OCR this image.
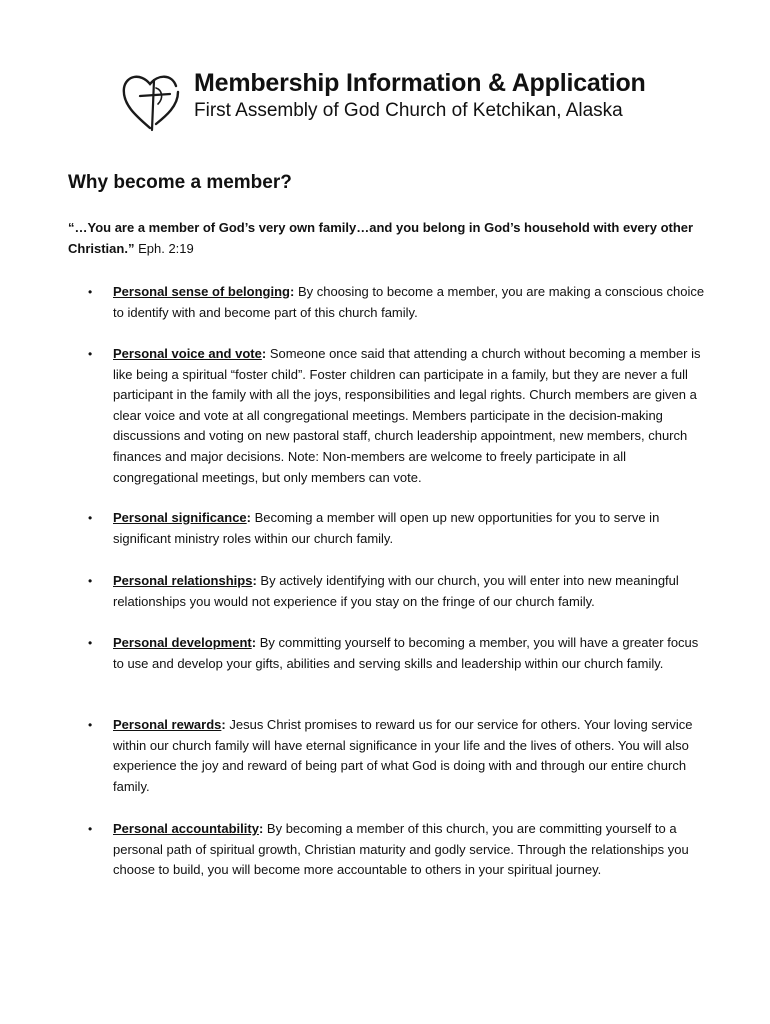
Membership Information & Application
First Assembly of God Church of Ketchikan, Alaska
Why become a member?

“…You are a member of God’s very own family…and you belong in God’s household with every other Christian.” Eph. 2:19

• Personal sense of belonging: By choosing to become a member, you are making a conscious choice to identify with and become part of this church family.
• Personal voice and vote: Someone once said that attending a church without becoming a member is like being a spiritual “foster child”. Foster children can participate in a family, but they are never a full participant in the family with all the joys, responsibilities and legal rights. Church members are given a clear voice and vote at all congregational meetings. Members participate in the decision-making discussions and voting on new pastoral staff, church leadership appointment, new members, church finances and major decisions. Note: Non-members are welcome to freely participate in all congregational meetings, but only members can vote.
• Personal significance: Becoming a member will open up new opportunities for you to serve in significant ministry roles within our church family.
• Personal relationships: By actively identifying with our church, you will enter into new meaningful relationships you would not experience if you stay on the fringe of our church family.
• Personal development: By committing yourself to becoming a member, you will have a greater focus to use and develop your gifts, abilities and serving skills and leadership within our church family.
• Personal rewards: Jesus Christ promises to reward us for our service for others. Your loving service within our church family will have eternal significance in your life and the lives of others. You will also experience the joy and reward of being part of what God is doing with and through our entire church family.
• Personal accountability: By becoming a member of this church, you are committing yourself to a personal path of spiritual growth, Christian maturity and godly service. Through the relationships you choose to build, you will become more accountable to others in your spiritual journey.
